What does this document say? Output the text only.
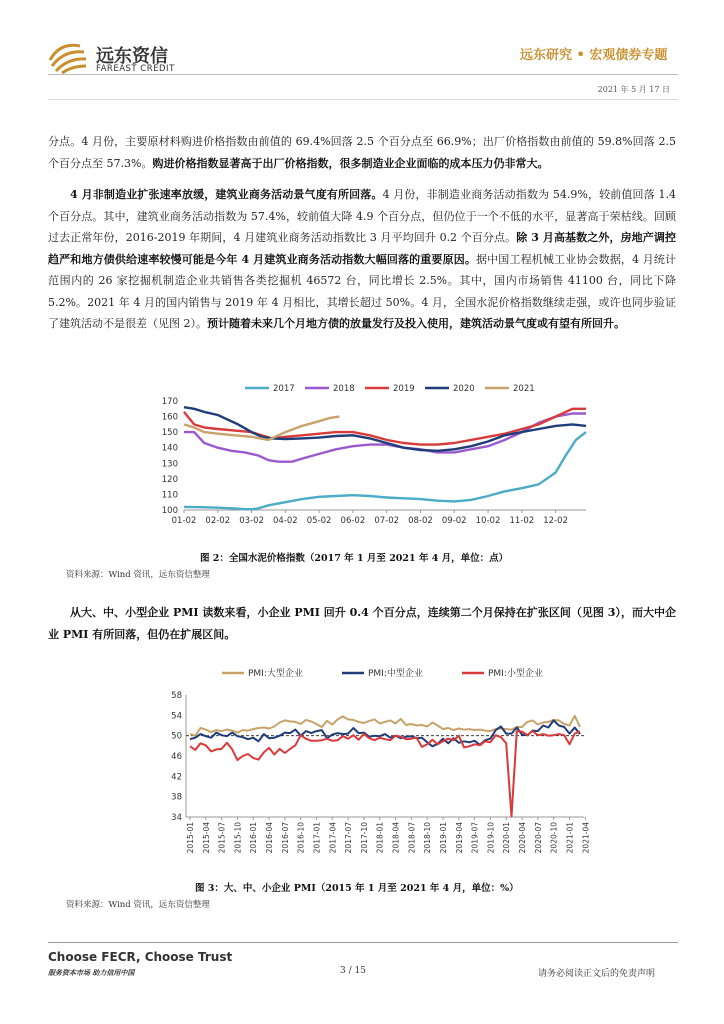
远东资信
FAREAST CREDIT
远东研究 • 宏观债券专题
2021 年 5 月 17 日
分点。4 月份，主要原材料购进价格指数由前值的 69.4%回落 2.5 个百分点至 66.9%；出厂价格指数由前值的 59.8%回落 2.5 个百分点至 57.3%。购进价格指数显著高于出厂价格指数，很多制造业企业面临的成本压力仍非常大。
4 月非制造业扩张速率放缓，建筑业商务活动景气度有所回落。4 月份，非制造业商务活动指数为 54.9%，较前值回落 1.4 个百分点。其中，建筑业商务活动指数为 57.4%，较前值大降 4.9 个百分点，但仍位于一个不低的水平，显著高于荣枯线。回顾过去正常年份，2016-2019 年期间，4 月建筑业商务活动指数比 3 月平均回升 0.2 个百分点。除 3 月高基数之外，房地产调控趋严和地方债供给速率较慢可能是今年 4 月建筑业商务活动指数大幅回落的重要原因。据中国工程机械工业协会数据，4 月统计范围内的 26 家挖掘机制造企业共销售各类挖掘机 46572 台，同比增长 2.5%。其中，国内市场销售 41100 台，同比下降 5.2%。2021 年 4 月的国内销售与 2019 年 4 月相比，其增长超过 50%。4 月，全国水泥价格指数继续走强，或许也同步验证了建筑活动不是很差（见图 2）。预计随着未来几个月地方债的放量发行及投入使用，建筑活动景气度或有望有所回升。
100
110
120
130
140
150
160
170
01-02 02-02 03-02 04-02 05-02 06-02 07-02 08-02 09-02 10-02 11-02 12-02
2017	2018	2019	2020	2021
图 2：全国水泥价格指数（2017 年 1 月至 2021 年 4 月，单位：点）
资料来源：Wind 资讯，远东资信整理
从大、中、小型企业 PMI 读数来看，小企业 PMI 回升 0.4 个百分点，连续第二个月保持在扩张区间（见图 3），而大中企业 PMI 有所回落，但仍在扩展区间。
34
38
42
46
50
54
58
2015-01 2015-04 2015-07 2015-10 2016-01 2016-04 2016-07 2016-10 2017-01 2017-04 2017-07 2017-10 2018-01 2018-04 2018-07 2018-10 2019-01 2019-04 2019-07 2019-10 2020-01 2020-04 2020-07 2020-10 2021-01 2021-04
PMI:大型企业	PMI:中型企业	PMI:小型企业
图 3：大、中、小企业 PMI（2015 年 1 月至 2021 年 4 月，单位：%）
资料来源：Wind 资讯，远东资信整理
Choose FECR, Choose Trust
服务资本市场 助力信用中国	3 / 15	请务必阅读正文后的免责声明
